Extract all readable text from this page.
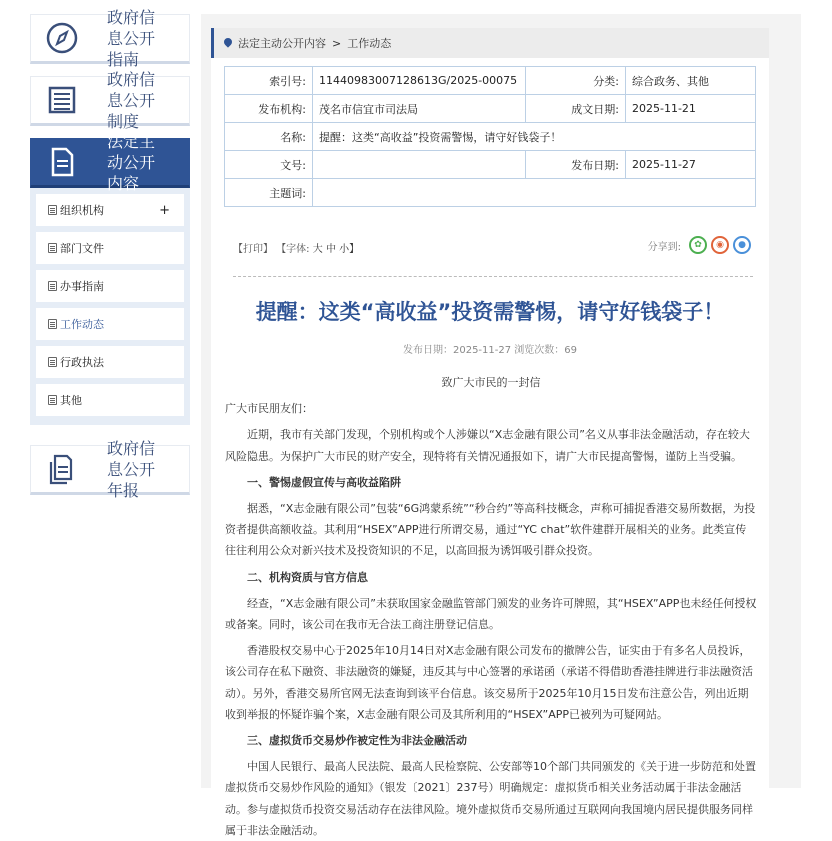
政府信息公开指南
政府信息公开制度
法定主动公开内容
组织机构	+
部门文件
办事指南
工作动态
行政执法
其他
政府信息公开年报
法定主动公开内容 > 工作动态
索引号:	11440983007128613G/2025-00075	分类:	综合政务、其他
发布机构:	茂名市信宜市司法局	成文日期:	2025-11-21
名称:	提醒：这类“高收益”投资需警惕，请守好钱袋子！		
文号:		发布日期:	2025-11-27
主题词:			
【打印】 【字体: 大 中 小】	分享到:	✿	◉	●
提醒：这类“高收益”投资需警惕，请守好钱袋子！
发布日期：2025-11-27 浏览次数：69

致广大市民的一封信

广大市民朋友们：

近期，我市有关部门发现，个别机构或个人涉嫌以“X志金融有限公司”名义从事非法金融活动，存在较大风险隐患。为保护广大市民的财产安全，现特将有关情况通报如下，请广大市民提高警惕，谨防上当受骗。

一、警惕虚假宣传与高收益陷阱

据悉，“X志金融有限公司”包装“6G鸿蒙系统”“秒合约”等高科技概念，声称可捕捉香港交易所数据，为投资者提供高额收益。其利用“HSEX”APP进行所谓交易，通过“YC chat”软件建群开展相关的业务。此类宣传往往利用公众对新兴技术及投资知识的不足，以高回报为诱饵吸引群众投资。

二、机构资质与官方信息

经查，“X志金融有限公司”未获取国家金融监管部门颁发的业务许可牌照，其“HSEX”APP也未经任何授权或备案。同时，该公司在我市无合法工商注册登记信息。

香港股权交易中心于2025年10月14日对X志金融有限公司发布的撤牌公告，证实由于有多名人员投诉，该公司存在私下融资、非法融资的嫌疑，违反其与中心签署的承诺函（承诺不得借助香港挂牌进行非法融资活动）。另外，香港交易所官网无法查询到该平台信息。该交易所于2025年10月15日发布注意公告，列出近期收到举报的怀疑诈骗个案，X志金融有限公司及其所利用的“HSEX”APP已被列为可疑网站。

三、虚拟货币交易炒作被定性为非法金融活动

中国人民银行、最高人民法院、最高人民检察院、公安部等10个部门共同颁发的《关于进一步防范和处置虚拟货币交易炒作风险的通知》（银发〔2021〕237号）明确规定：虚拟货币相关业务活动属于非法金融活动。参与虚拟货币投资交易活动存在法律风险。境外虚拟货币交易所通过互联网向我国境内居民提供服务同样属于非法金融活动。
